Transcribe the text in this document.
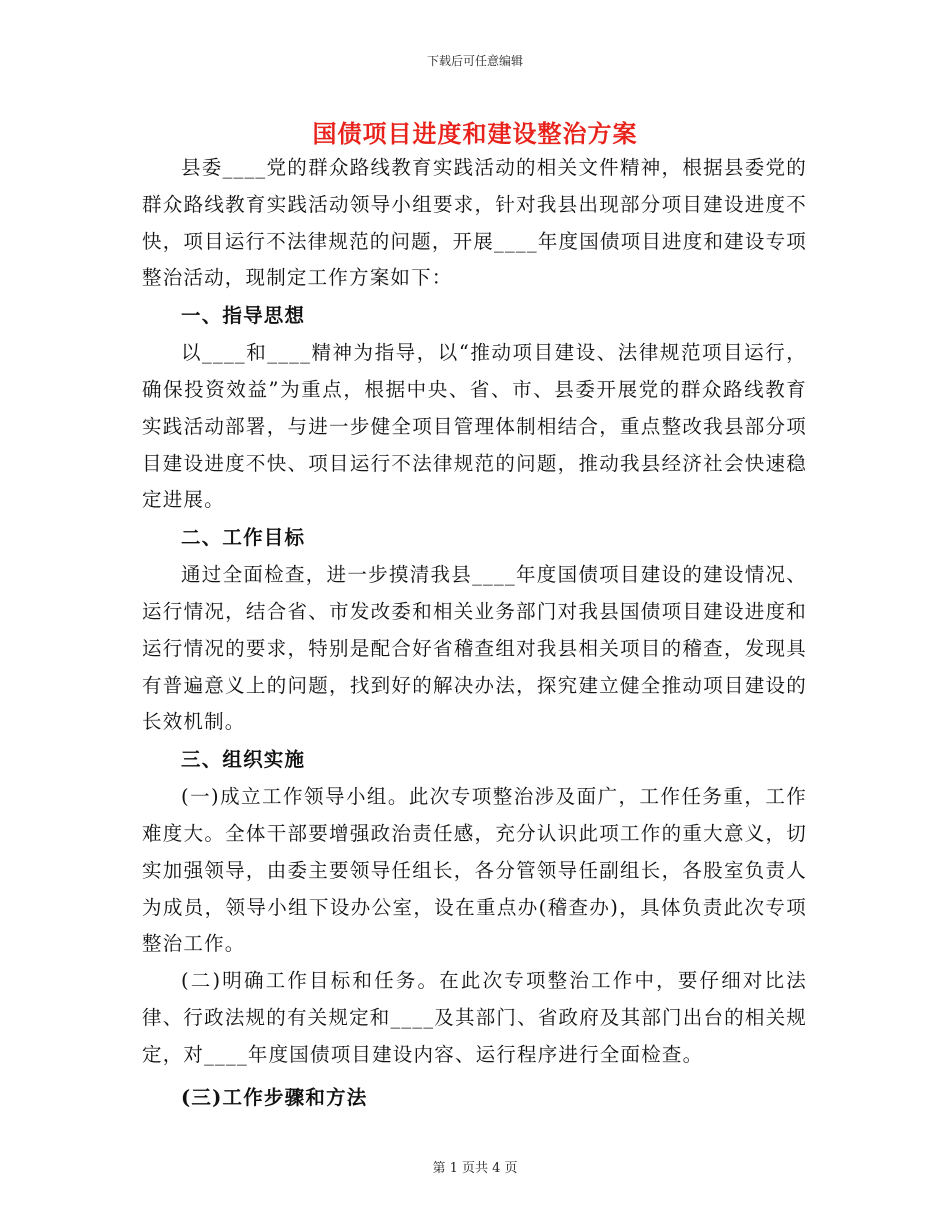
下载后可任意编辑
国债项目进度和建设整治方案

县委____党的群众路线教育实践活动的相关文件精神，根据县委党的群众路线教育实践活动领导小组要求，针对我县出现部分项目建设进度不快，项目运行不法律规范的问题，开展____年度国债项目进度和建设专项整治活动，现制定工作方案如下：

一、指导思想

以____和____精神为指导，以“推动项目建设、法律规范项目运行，确保投资效益”为重点，根据中央、省、市、县委开展党的群众路线教育实践活动部署，与进一步健全项目管理体制相结合，重点整改我县部分项目建设进度不快、项目运行不法律规范的问题，推动我县经济社会快速稳定进展。

二、工作目标

通过全面检查，进一步摸清我县____年度国债项目建设的建设情况、运行情况，结合省、市发改委和相关业务部门对我县国债项目建设进度和运行情况的要求，特别是配合好省稽查组对我县相关项目的稽查，发现具有普遍意义上的问题，找到好的解决办法，探究建立健全推动项目建设的长效机制。

三、组织实施

(一)成立工作领导小组。此次专项整治涉及面广，工作任务重，工作难度大。全体干部要增强政治责任感，充分认识此项工作的重大意义，切实加强领导，由委主要领导任组长，各分管领导任副组长，各股室负责人为成员，领导小组下设办公室，设在重点办(稽查办)，具体负责此次专项整治工作。

(二)明确工作目标和任务。在此次专项整治工作中，要仔细对比法律、行政法规的有关规定和____及其部门、省政府及其部门出台的相关规定，对____年度国债项目建设内容、运行程序进行全面检查。

(三)工作步骤和方法
第 1 页共 4 页
